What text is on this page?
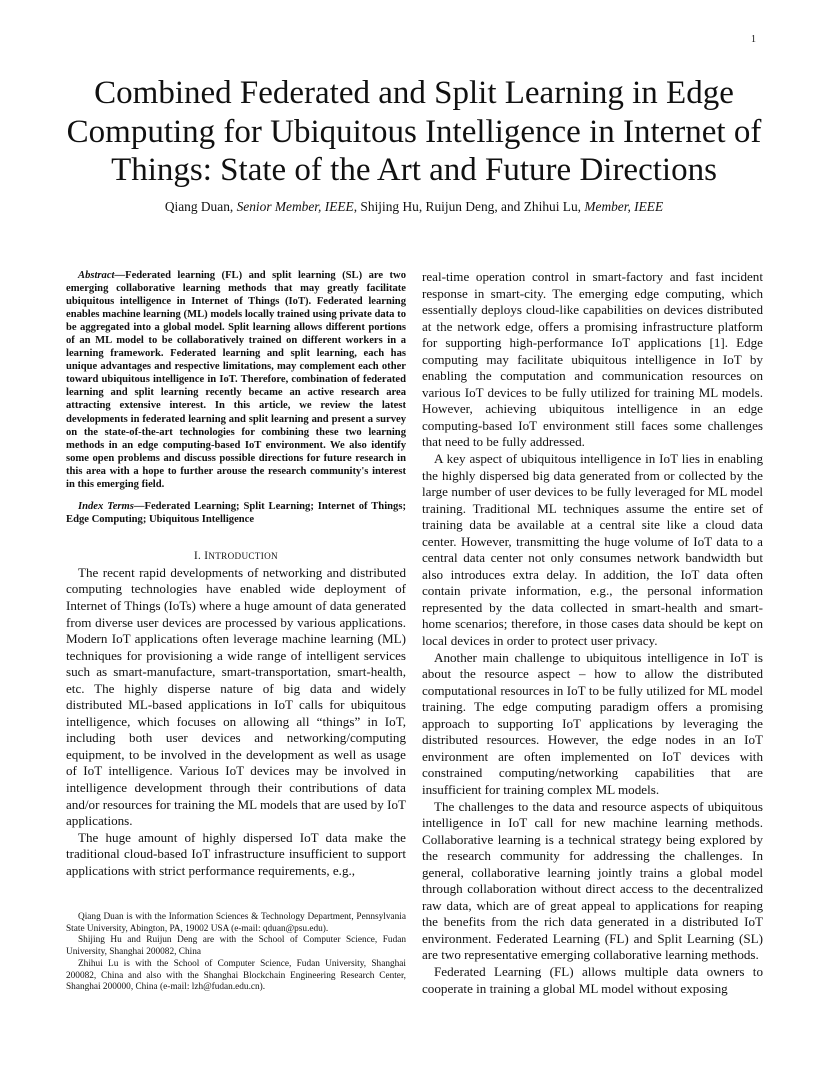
1
Combined Federated and Split Learning in Edge Computing for Ubiquitous Intelligence in Internet of Things: State of the Art and Future Directions
Qiang Duan, Senior Member, IEEE, Shijing Hu, Ruijun Deng, and Zhihui Lu, Member, IEEE

Abstract—Federated learning (FL) and split learning (SL) are two emerging collaborative learning methods that may greatly facilitate ubiquitous intelligence in Internet of Things (IoT). Federated learning enables machine learning (ML) models locally trained using private data to be aggregated into a global model. Split learning allows different portions of an ML model to be collaboratively trained on different workers in a learning framework. Federated learning and split learning, each has unique advantages and respective limitations, may complement each other toward ubiquitous intelligence in IoT. Therefore, combination of federated learning and split learning recently became an active research area attracting extensive interest. In this article, we review the latest developments in federated learning and split learning and present a survey on the state-of-the-art technologies for combining these two learning methods in an edge computing-based IoT environment. We also identify some open problems and discuss possible directions for future research in this area with a hope to further arouse the research community's interest in this emerging field.

Index Terms—Federated Learning; Split Learning; Internet of Things; Edge Computing; Ubiquitous Intelligence

I. INTRODUCTION

The recent rapid developments of networking and distributed computing technologies have enabled wide deployment of Internet of Things (IoTs) where a huge amount of data generated from diverse user devices are processed by various applications. Modern IoT applications often leverage machine learning (ML) techniques for provisioning a wide range of intelligent services such as smart-manufacture, smart-transportation, smart-health, etc. The highly disperse nature of big data and widely distributed ML-based applications in IoT calls for ubiquitous intelligence, which focuses on allowing all “things” in IoT, including both user devices and networking/computing equipment, to be involved in the development as well as usage of IoT intelligence. Various IoT devices may be involved in intelligence development through their contributions of data and/or resources for training the ML models that are used by IoT applications.

The huge amount of highly dispersed IoT data make the traditional cloud-based IoT infrastructure insufficient to support applications with strict performance requirements, e.g.,

Qiang Duan is with the Information Sciences & Technology Department, Pennsylvania State University, Abington, PA, 19002 USA (e-mail: qduan@psu.edu).

Shijing Hu and Ruijun Deng are with the School of Computer Science, Fudan University, Shanghai 200082, China

Zhihui Lu is with the School of Computer Science, Fudan University, Shanghai 200082, China and also with the Shanghai Blockchain Engineering Research Center, Shanghai 200000, China (e-mail: lzh@fudan.edu.cn).

real-time operation control in smart-factory and fast incident response in smart-city. The emerging edge computing, which essentially deploys cloud-like capabilities on devices distributed at the network edge, offers a promising infrastructure platform for supporting high-performance IoT applications [1]. Edge computing may facilitate ubiquitous intelligence in IoT by enabling the computation and communication resources on various IoT devices to be fully utilized for training ML models. However, achieving ubiquitous intelligence in an edge computing-based IoT environment still faces some challenges that need to be fully addressed.

A key aspect of ubiquitous intelligence in IoT lies in enabling the highly dispersed big data generated from or collected by the large number of user devices to be fully leveraged for ML model training. Traditional ML techniques assume the entire set of training data be available at a central site like a cloud data center. However, transmitting the huge volume of IoT data to a central data center not only consumes network bandwidth but also introduces extra delay. In addition, the IoT data often contain private information, e.g., the personal information represented by the data collected in smart-health and smart-home scenarios; therefore, in those cases data should be kept on local devices in order to protect user privacy.

Another main challenge to ubiquitous intelligence in IoT is about the resource aspect – how to allow the distributed computational resources in IoT to be fully utilized for ML model training. The edge computing paradigm offers a promising approach to supporting IoT applications by leveraging the distributed resources. However, the edge nodes in an IoT environment are often implemented on IoT devices with constrained computing/networking capabilities that are insufficient for training complex ML models.

The challenges to the data and resource aspects of ubiquitous intelligence in IoT call for new machine learning methods. Collaborative learning is a technical strategy being explored by the research community for addressing the challenges. In general, collaborative learning jointly trains a global model through collaboration without direct access to the decentralized raw data, which are of great appeal to applications for reaping the benefits from the rich data generated in a distributed IoT environment. Federated Learning (FL) and Split Learning (SL) are two representative emerging collaborative learning methods.

Federated Learning (FL) allows multiple data owners to cooperate in training a global ML model without exposing
